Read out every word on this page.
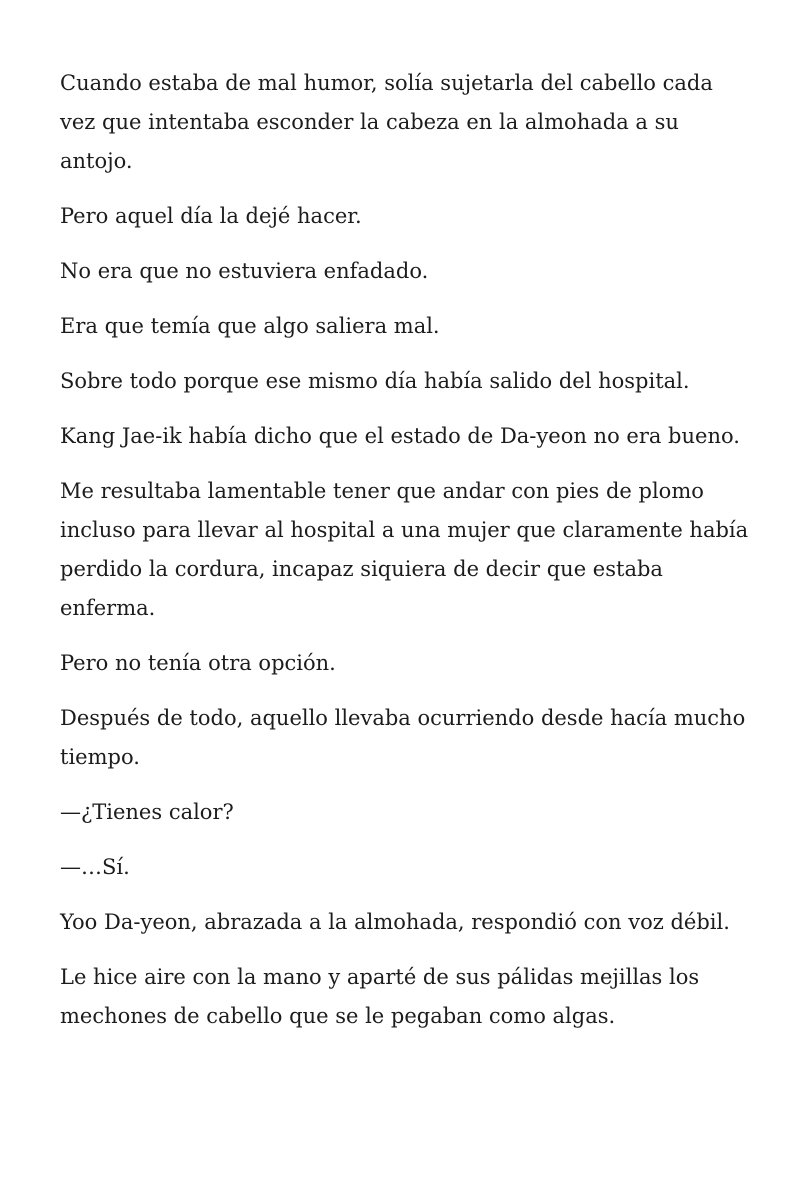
Cuando estaba de mal humor, solía sujetarla del cabello cada vez que intentaba esconder la cabeza en la almohada a su antojo.

Pero aquel día la dejé hacer.

No era que no estuviera enfadado.

Era que temía que algo saliera mal.

Sobre todo porque ese mismo día había salido del hospital.

Kang Jae-ik había dicho que el estado de Da-yeon no era bueno.

Me resultaba lamentable tener que andar con pies de plomo incluso para llevar al hospital a una mujer que claramente había perdido la cordura, incapaz siquiera de decir que estaba enferma.

Pero no tenía otra opción.

Después de todo, aquello llevaba ocurriendo desde hacía mucho tiempo.

—¿Tienes calor?

—…Sí.

Yoo Da-yeon, abrazada a la almohada, respondió con voz débil.

Le hice aire con la mano y aparté de sus pálidas mejillas los mechones de cabello que se le pegaban como algas.
